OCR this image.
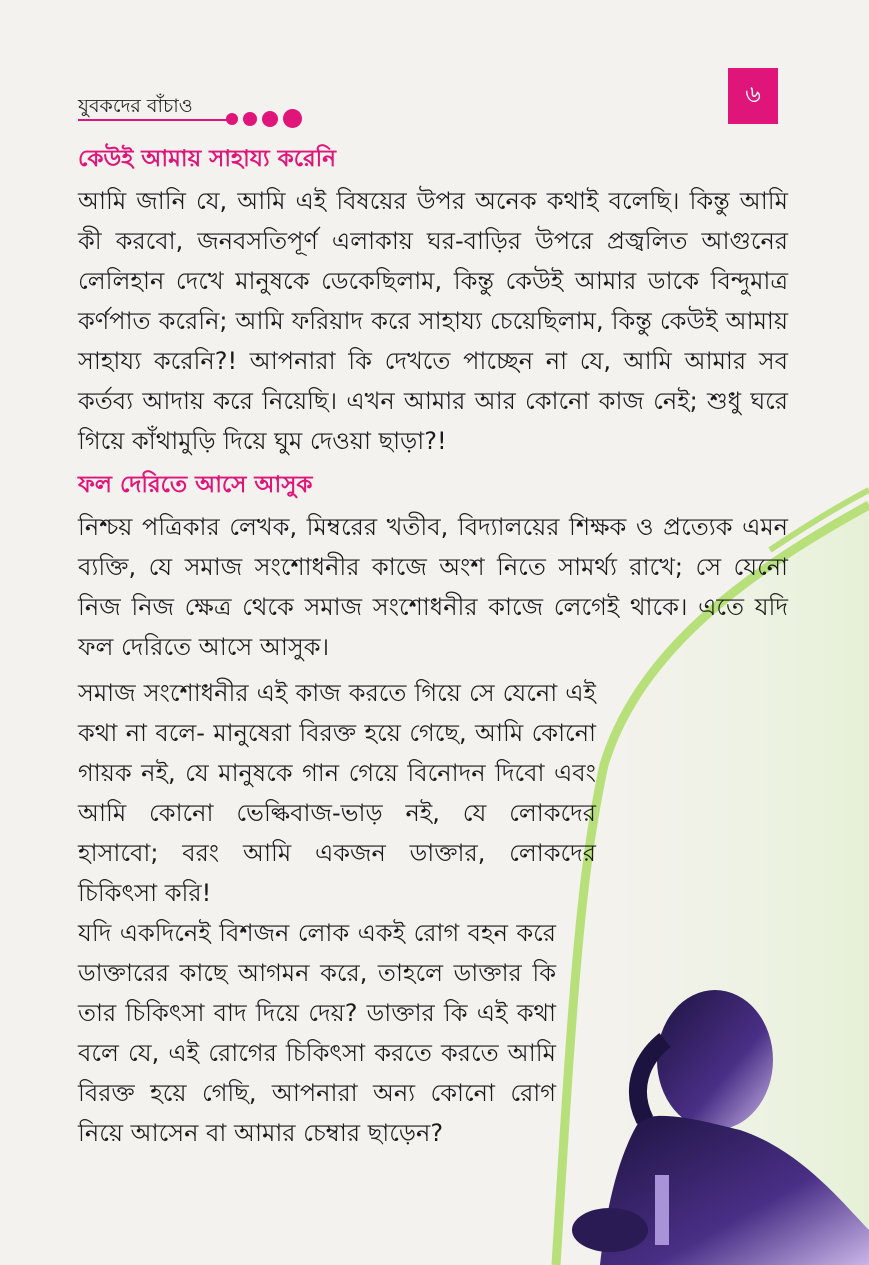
যুবকদের বাঁচাও	৬
কেউই আমায় সাহায্য করেনি
আমি জানি যে, আমি এই বিষয়ের উপর অনেক কথাই বলেছি। কিন্তু আমি কী করবো, জনবসতিপূর্ণ এলাকায় ঘর-বাড়ির উপরে প্রজ্বলিত আগুনের লেলিহান দেখে মানুষকে ডেকেছিলাম, কিন্তু কেউই আমার ডাকে বিন্দুমাত্র কর্ণপাত করেনি; আমি ফরিয়াদ করে সাহায্য চেয়েছিলাম, কিন্তু কেউই আমায় সাহায্য করেনি?! আপনারা কি দেখতে পাচ্ছেন না যে, আমি আমার সব কর্তব্য আদায় করে নিয়েছি। এখন আমার আর কোনো কাজ নেই; শুধু ঘরে গিয়ে কাঁথামুড়ি দিয়ে ঘুম দেওয়া ছাড়া?!
ফল দেরিতে আসে আসুক
নিশ্চয় পত্রিকার লেখক, মিম্বরের খতীব, বিদ্যালয়ের শিক্ষক ও প্রত্যেক এমন ব্যক্তি, যে সমাজ সংশোধনীর কাজে অংশ নিতে সামর্থ্য রাখে; সে যেনো নিজ নিজ ক্ষেত্র থেকে সমাজ সংশোধনীর কাজে লেগেই থাকে। এতে যদি ফল দেরিতে আসে আসুক।
সমাজ সংশোধনীর এই কাজ করতে গিয়ে সে যেনো এই কথা না বলে- মানুষেরা বিরক্ত হয়ে গেছে, আমি কোনো গায়ক নই, যে মানুষকে গান গেয়ে বিনোদন দিবো এবং আমি কোনো ভেল্কিবাজ-ভাড় নই, যে লোকদের হাসাবো; বরং আমি একজন ডাক্তার, লোকদের চিকিৎসা করি!
যদি একদিনেই বিশজন লোক একই রোগ বহন করে ডাক্তারের কাছে আগমন করে, তাহলে ডাক্তার কি তার চিকিৎসা বাদ দিয়ে দেয়? ডাক্তার কি এই কথা বলে যে, এই রোগের চিকিৎসা করতে করতে আমি বিরক্ত হয়ে গেছি, আপনারা অন্য কোনো রোগ নিয়ে আসেন বা আমার চেম্বার ছাড়েন?
